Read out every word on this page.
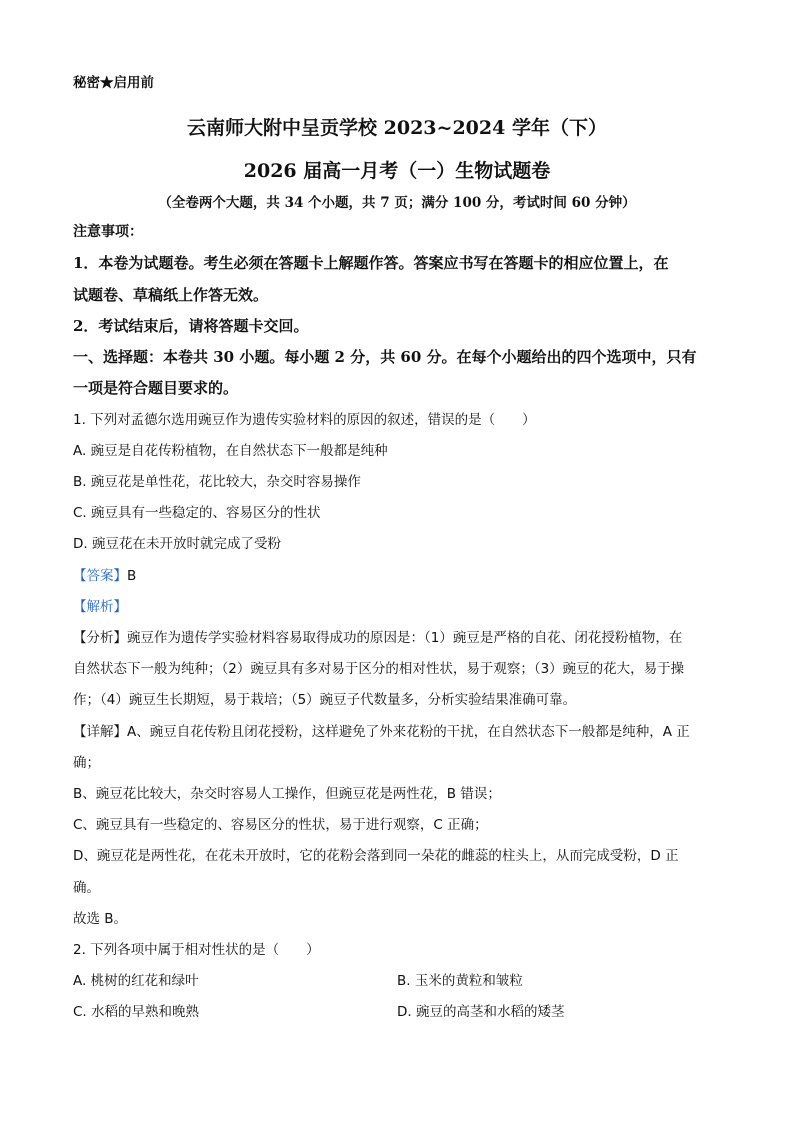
秘密★启用前
云南师大附中呈贡学校 2023~2024 学年（下）
2026 届高一月考（一）生物试题卷
（全卷两个大题，共 34 个小题，共 7 页；满分 100 分，考试时间 60 分钟）
注意事项：
1．本卷为试题卷。考生必须在答题卡上解题作答。答案应书写在答题卡的相应位置上，在
试题卷、草稿纸上作答无效。
2．考试结束后，请将答题卡交回。
一、选择题：本卷共 30 小题。每小题 2 分，共 60 分。在每个小题给出的四个选项中，只有
一项是符合题目要求的。
1. 下列对孟德尔选用豌豆作为遗传实验材料的原因的叙述，错误的是（　　）
A. 豌豆是自花传粉植物，在自然状态下一般都是纯种
B. 豌豆花是单性花，花比较大，杂交时容易操作
C. 豌豆具有一些稳定的、容易区分的性状
D. 豌豆花在未开放时就完成了受粉
【答案】B
【解析】
【分析】豌豆作为遗传学实验材料容易取得成功的原因是：（1）豌豆是严格的自花、闭花授粉植物，在
自然状态下一般为纯种；（2）豌豆具有多对易于区分的相对性状，易于观察；（3）豌豆的花大，易于操
作；（4）豌豆生长期短，易于栽培；（5）豌豆子代数量多，分析实验结果准确可靠。
【详解】A、豌豆自花传粉且闭花授粉，这样避免了外来花粉的干扰，在自然状态下一般都是纯种，A 正
确；
B、豌豆花比较大，杂交时容易人工操作，但豌豆花是两性花，B 错误；
C、豌豆具有一些稳定的、容易区分的性状，易于进行观察，C 正确；
D、豌豆花是两性花，在花未开放时，它的花粉会落到同一朵花的雌蕊的柱头上，从而完成受粉，D 正
确。
故选 B。
2. 下列各项中属于相对性状的是（　　）
A. 桃树的红花和绿叶	B. 玉米的黄粒和皱粒
C. 水稻的早熟和晚熟	D. 豌豆的高茎和水稻的矮茎
